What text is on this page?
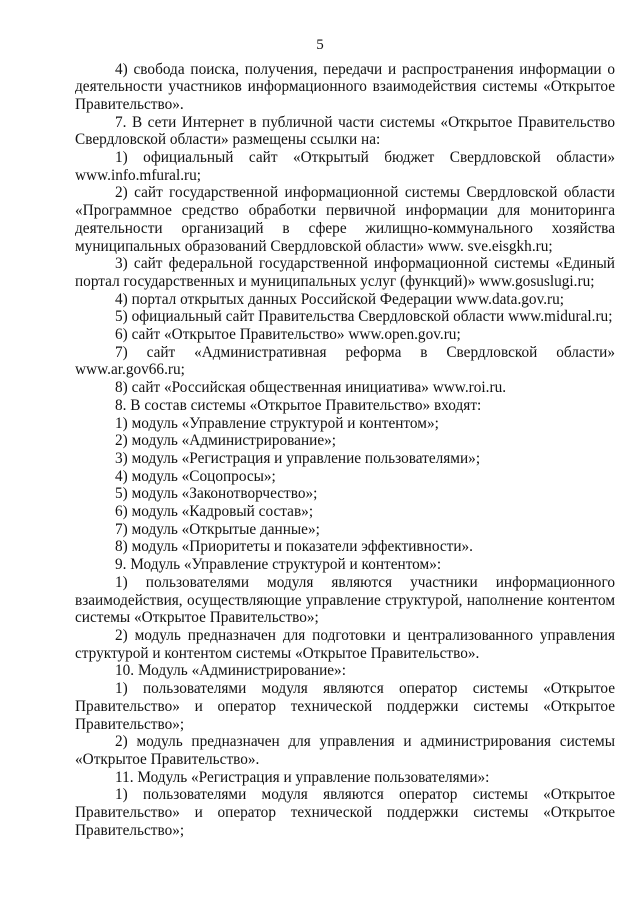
5

4) свобода поиска, получения, передачи и распространения информации о деятельности участников информационного взаимодействия системы «Открытое Правительство».

7. В сети Интернет в публичной части системы «Открытое Правительство Свердловской области» размещены ссылки на:

1) официальный сайт «Открытый бюджет Свердловской области» www.info.mfural.ru;

2) сайт государственной информационной системы Свердловской области «Программное средство обработки первичной информации для мониторинга деятельности организаций в сфере жилищно-коммунального хозяйства муниципальных образований Свердловской области» www. sve.eisgkh.ru;

3) сайт федеральной государственной информационной системы «Единый портал государственных и муниципальных услуг (функций)» www.gosuslugi.ru;

4) портал открытых данных Российской Федерации www.data.gov.ru;

5) официальный сайт Правительства Свердловской области www.midural.ru;

6) сайт «Открытое Правительство» www.open.gov.ru;

7) сайт «Административная реформа в Свердловской области» www.ar.gov66.ru;

8) сайт «Российская общественная инициатива» www.roi.ru.

8. В состав системы «Открытое Правительство» входят:

1) модуль «Управление структурой и контентом»;

2) модуль «Администрирование»;

3) модуль «Регистрация и управление пользователями»;

4) модуль «Соцопросы»;

5) модуль «Законотворчество»;

6) модуль «Кадровый состав»;

7) модуль «Открытые данные»;

8) модуль «Приоритеты и показатели эффективности».

9. Модуль «Управление структурой и контентом»:

1) пользователями модуля являются участники информационного взаимодействия, осуществляющие управление структурой, наполнение контентом системы «Открытое Правительство»;

2) модуль предназначен для подготовки и централизованного управления структурой и контентом системы «Открытое Правительство».

10. Модуль «Администрирование»:

1) пользователями модуля являются оператор системы «Открытое Правительство» и оператор технической поддержки системы «Открытое Правительство»;

2) модуль предназначен для управления и администрирования системы «Открытое Правительство».

11. Модуль «Регистрация и управление пользователями»:

1) пользователями модуля являются оператор системы «Открытое Правительство» и оператор технической поддержки системы «Открытое Правительство»;
